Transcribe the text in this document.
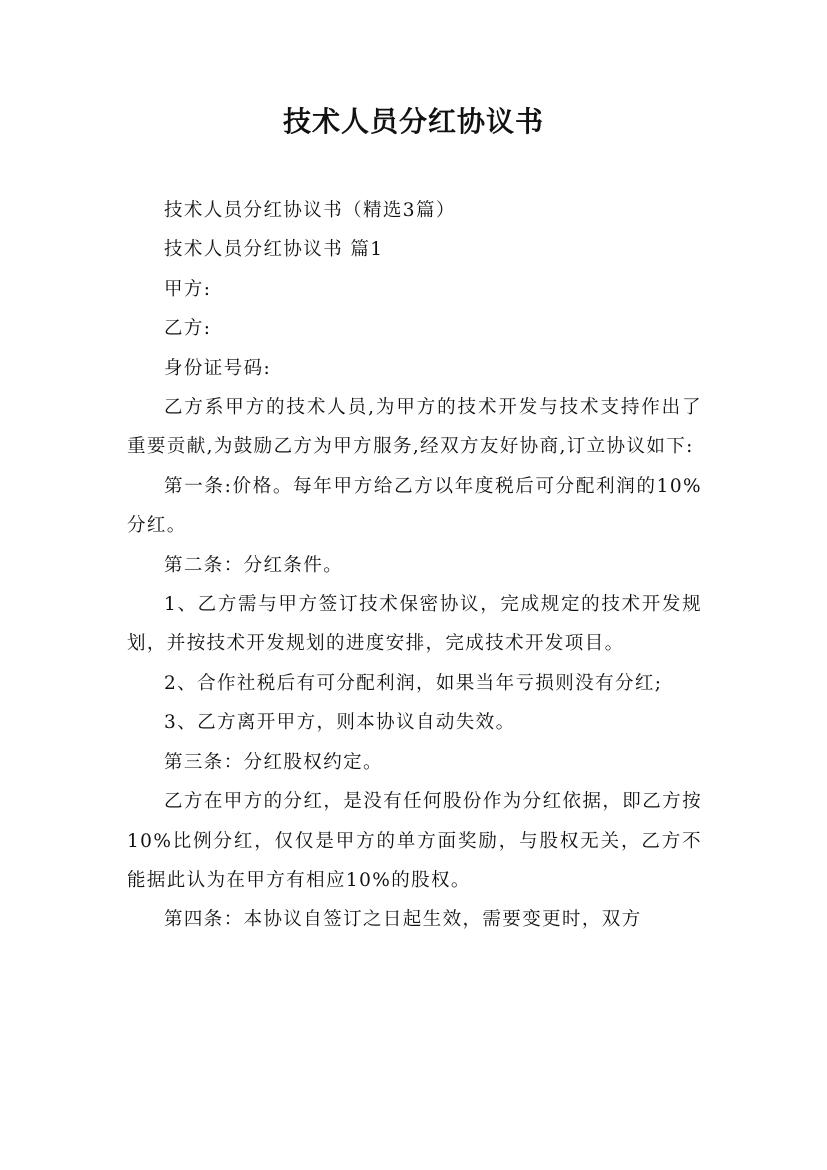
技术人员分红协议书

技术人员分红协议书（精选3篇）

技术人员分红协议书 篇1

甲方:

乙方:

身份证号码:

乙方系甲方的技术人员,为甲方的技术开发与技术支持作出了重要贡献,为鼓励乙方为甲方服务,经双方友好协商,订立协议如下:

第一条:价格。每年甲方给乙方以年度税后可分配利润的10%分红。

第二条：分红条件。

1、乙方需与甲方签订技术保密协议，完成规定的技术开发规划，并按技术开发规划的进度安排，完成技术开发项目。

2、合作社税后有可分配利润，如果当年亏损则没有分红;

3、乙方离开甲方，则本协议自动失效。

第三条：分红股权约定。

乙方在甲方的分红，是没有任何股份作为分红依据，即乙方按10%比例分红，仅仅是甲方的单方面奖励，与股权无关，乙方不能据此认为在甲方有相应10%的股权。

第四条：本协议自签订之日起生效，需要变更时，双方
